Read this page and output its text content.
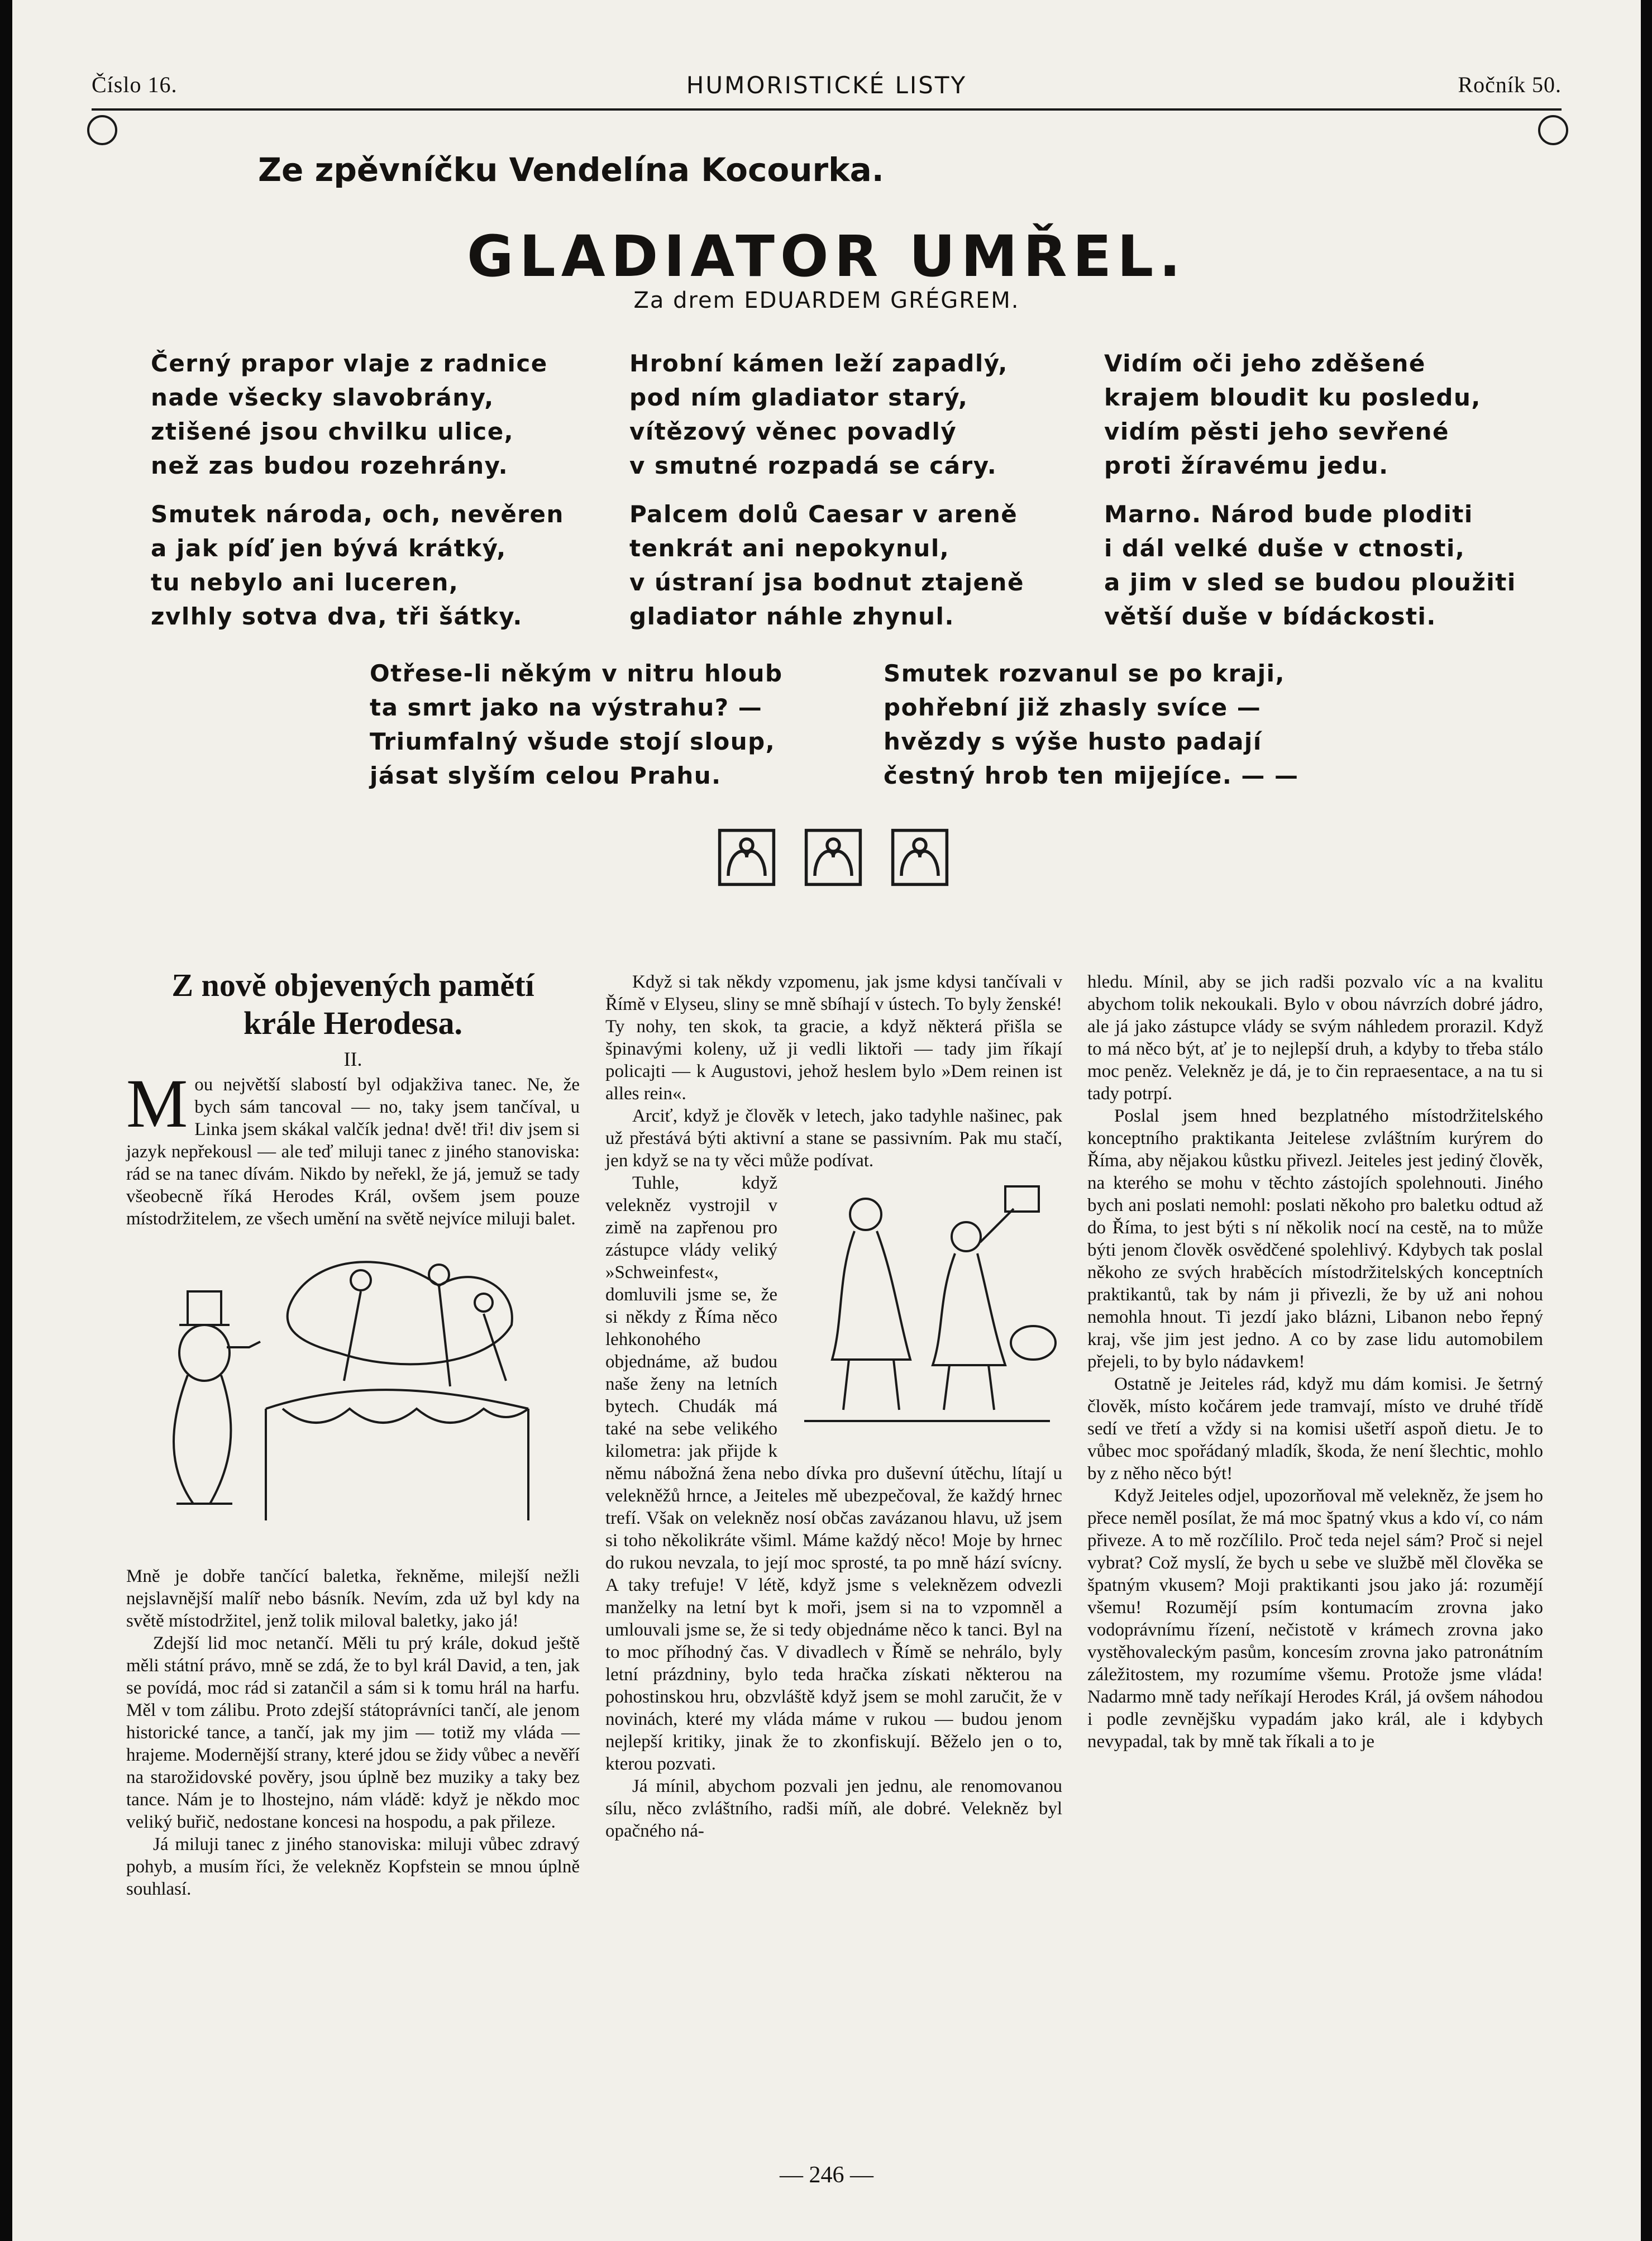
Číslo 16.	HUMORISTICKÉ LISTY	Ročník 50.
Ze zpěvníčku Vendelína Kocourka.
GLADIATOR UMŘEL.
Za drem EDUARDEM GRÉGREM.
Černý prapor vlaje z radnice
nade všecky slavobrány,
ztišené jsou chvilku ulice,
než zas budou rozehrány.
Hrobní kámen leží zapadlý,
pod ním gladiator starý,
vítězový věnec povadlý
v smutné rozpadá se cáry.
Vidím oči jeho zděšené
krajem bloudit ku posledu,
vidím pěsti jeho sevřené
proti žíravému jedu.
Smutek národa, och, nevěren
a jak píď jen bývá krátký,
tu nebylo ani luceren,
zvlhly sotva dva, tři šátky.
Palcem dolů Caesar v areně
tenkrát ani nepokynul,
v ústraní jsa bodnut ztajeně
gladiator náhle zhynul.
Marno. Národ bude ploditi
i dál velké duše v ctnosti,
a jim v sled se budou ploužiti
větší duše v bídáckosti.
Otřese-li někým v nitru hloub
ta smrt jako na výstrahu? —
Triumfalný všude stojí sloup,
jásat slyším celou Prahu.
Smutek rozvanul se po kraji,
pohřební již zhasly svíce —
hvězdy s výše husto padají
čestný hrob ten mijejíce. — —
Z nově objevených pamětí
krále Herodesa.
II.

Mou největší slabostí byl odjakživa tanec. Ne, že bych sám tancoval — no, taky jsem tančíval, u Linka jsem skákal valčík jedna! dvě! tři! div jsem si jazyk nepřekousl — ale teď miluji tanec z jiného stanoviska: rád se na tanec dívám. Nikdo by neřekl, že já, jemuž se tady všeobecně říká Herodes Král, ovšem jsem pouze místodržitelem, ze všech umění na světě nejvíce miluji balet.

Mně je dobře tančící baletka, řekněme, milejší nežli nejslavnější malíř nebo básník. Nevím, zda už byl kdy na světě místodržitel, jenž tolik miloval baletky, jako já!

Zdejší lid moc netančí. Měli tu prý krále, dokud ještě měli státní právo, mně se zdá, že to byl král David, a ten, jak se povídá, moc rád si zatančil a sám si k tomu hrál na harfu. Měl v tom zálibu. Proto zdejší státoprávníci tančí, ale jenom historické tance, a tančí, jak my jim — totiž my vláda — hrajeme. Modernější strany, které jdou se židy vůbec a nevěří na starožidovské pověry, jsou úplně bez muziky a taky bez tance. Nám je to lhostejno, nám vládě: když je někdo moc veliký buřič, nedostane koncesi na hospodu, a pak přileze.

Já miluji tanec z jiného stanoviska: miluji vůbec zdravý pohyb, a musím říci, že velekněz Kopfstein se mnou úplně souhlasí.

Když si tak někdy vzpomenu, jak jsme kdysi tančívali v Římě v Elyseu, sliny se mně sbíhají v ústech. To byly ženské! Ty nohy, ten skok, ta gracie, a když některá přišla se špinavými koleny, už ji vedli liktoři — tady jim říkají policajti — k Augustovi, jehož heslem bylo »Dem reinen ist alles rein«.

Arciť, když je člověk v letech, jako tadyhle našinec, pak už přestává býti aktivní a stane se passivním. Pak mu stačí, jen když se na ty věci může podívat.

Tuhle, když velekněz vystrojil v zimě na zapřenou pro zástupce vlády veliký »Schweinfest«, domluvili jsme se, že si někdy z Říma něco lehkonohého objednáme, až budou naše ženy na letních bytech. Chudák má také na sebe velikého kilometra: jak přijde k němu nábožná žena nebo dívka pro duševní útěchu, lítají u velekněžů hrnce, a Jeiteles mě ubezpečoval, že každý hrnec trefí. Však on velekněz nosí občas zavázanou hlavu, už jsem si toho několikráte všiml. Máme každý něco! Moje by hrnec do rukou nevzala, to její moc sprosté, ta po mně hází svícny. A taky trefuje! V létě, když jsme s veleknězem odvezli manželky na letní byt k moři, jsem si na to vzpomněl a umlouvali jsme se, že si tedy objednáme něco k tanci. Byl na to moc příhodný čas. V divadlech v Římě se nehrálo, byly letní prázdniny, bylo teda hračka získati některou na pohostinskou hru, obzvláště když jsem se mohl zaručit, že v novinách, které my vláda máme v rukou — budou jenom nejlepší kritiky, jinak že to zkonfiskují. Běželo jen o to, kterou pozvati.

Já mínil, abychom pozvali jen jednu, ale renomovanou sílu, něco zvláštního, radši míň, ale dobré. Velekněz byl opačného ná-

hledu. Mínil, aby se jich radši pozvalo víc a na kvalitu abychom tolik nekoukali. Bylo v obou návrzích dobré jádro, ale já jako zástupce vlády se svým náhledem prorazil. Když to má něco být, ať je to nejlepší druh, a kdyby to třeba stálo moc peněz. Velekněz je dá, je to čin repraesentace, a na tu si tady potrpí.

Poslal jsem hned bezplatného místodržitelského konceptního praktikanta Jeitelese zvláštním kurýrem do Říma, aby nějakou kůstku přivezl. Jeiteles jest jediný člověk, na kterého se mohu v těchto zástojích spolehnouti. Jiného bych ani poslati nemohl: poslati někoho pro baletku odtud až do Říma, to jest býti s ní několik nocí na cestě, na to může býti jenom člověk osvědčené spolehlivý. Kdybych tak poslal někoho ze svých hraběcích místodržitelských konceptních praktikantů, tak by nám ji přivezli, že by už ani nohou nemohla hnout. Ti jezdí jako blázni, Libanon nebo řepný kraj, vše jim jest jedno. A co by zase lidu automobilem přejeli, to by bylo nádavkem!

Ostatně je Jeiteles rád, když mu dám komisi. Je šetrný člověk, místo kočárem jede tramvají, místo ve druhé třídě sedí ve třetí a vždy si na komisi ušetří aspoň dietu. Je to vůbec moc spořádaný mladík, škoda, že není šlechtic, mohlo by z něho něco být!

Když Jeiteles odjel, upozorňoval mě velekněz, že jsem ho přece neměl posílat, že má moc špatný vkus a kdo ví, co nám přiveze. A to mě rozčílilo. Proč teda nejel sám? Proč si nejel vybrat? Což myslí, že bych u sebe ve službě měl člověka se špatným vkusem? Moji praktikanti jsou jako já: rozumějí všemu! Rozumějí psím kontumacím zrovna jako vodoprávnímu řízení, nečistotě v krámech zrovna jako vystěhovaleckým pasům, koncesím zrovna jako patronátním záležitostem, my rozumíme všemu. Protože jsme vláda! Nadarmo mně tady neříkají Herodes Král, já ovšem náhodou i podle zevnějšku vypadám jako král, ale i kdybych nevypadal, tak by mně tak říkali a to je

— 246 —
